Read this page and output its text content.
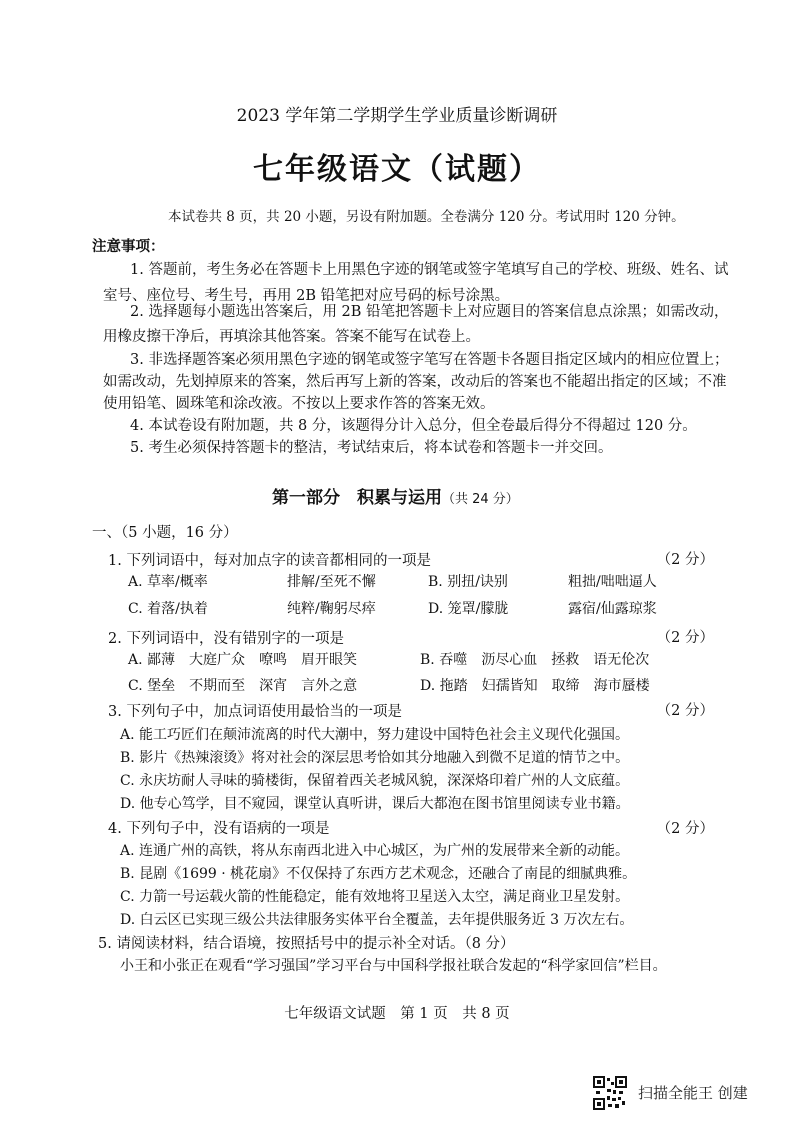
2023 学年第二学期学生学业质量诊断调研
七年级语文（试题）
本试卷共 8 页，共 20 小题，另设有附加题。全卷满分 120 分。考试用时 120 分钟。
注意事项：
1. 答题前，考生务必在答题卡上用黑色字迹的钢笔或签字笔填写自己的学校、班级、姓名、试
室号、座位号、考生号，再用 2B 铅笔把对应号码的标号涂黑。
2. 选择题每小题选出答案后，用 2B 铅笔把答题卡上对应题目的答案信息点涂黑；如需改动，
用橡皮擦干净后，再填涂其他答案。答案不能写在试卷上。
3. 非选择题答案必须用黑色字迹的钢笔或签字笔写在答题卡各题目指定区域内的相应位置上；
如需改动，先划掉原来的答案，然后再写上新的答案，改动后的答案也不能超出指定的区域；不准
使用铅笔、圆珠笔和涂改液。不按以上要求作答的答案无效。
4. 本试卷设有附加题，共 8 分，该题得分计入总分，但全卷最后得分不得超过 120 分。
5. 考生必须保持答题卡的整洁，考试结束后，将本试卷和答题卡一并交回。
第一部分　积累与运用（共 24 分）
一、（5 小题，16 分）
1. 下列词语中，每对加点字的读音都相同的一项是	（2 分）
A. 草率/概率	排解/至死不懈	B. 别扭/诀别	粗拙/咄咄逼人
C. 着落/执着	纯粹/鞠躬尽瘁	D. 笼罩/朦胧	露宿/仙露琼浆
2. 下列词语中，没有错别字的一项是	（2 分）
A. 鄙薄　大庭广众　嘹鸣　眉开眼笑	B. 吞噬　沥尽心血　拯救　语无伦次
C. 堡垒　不期而至　深宵　言外之意	D. 拖踏　妇孺皆知　取缔　海市蜃楼
3. 下列句子中，加点词语使用最恰当的一项是	（2 分）
A. 能工巧匠们在颠沛流离的时代大潮中，努力建设中国特色社会主义现代化强国。
B. 影片《热辣滚烫》将对社会的深层思考恰如其分地融入到微不足道的情节之中。
C. 永庆坊耐人寻味的骑楼街，保留着西关老城风貌，深深烙印着广州的人文底蕴。
D. 他专心笃学，目不窥园，课堂认真听讲，课后大都泡在图书馆里阅读专业书籍。
4. 下列句子中，没有语病的一项是	（2 分）
A. 连通广州的高铁，将从东南西北进入中心城区，为广州的发展带来全新的动能。
B. 昆剧《1699 · 桃花扇》不仅保持了东西方艺术观念，还融合了南昆的细腻典雅。
C. 力箭一号运载火箭的性能稳定，能有效地将卫星送入太空，满足商业卫星发射。
D. 白云区已实现三级公共法律服务实体平台全覆盖，去年提供服务近 3 万次左右。
5. 请阅读材料，结合语境，按照括号中的提示补全对话。（8 分）
小王和小张正在观看“学习强国”学习平台与中国科学报社联合发起的“科学家回信”栏目。
七年级语文试题　第 1 页　共 8 页
扫描全能王 创建
